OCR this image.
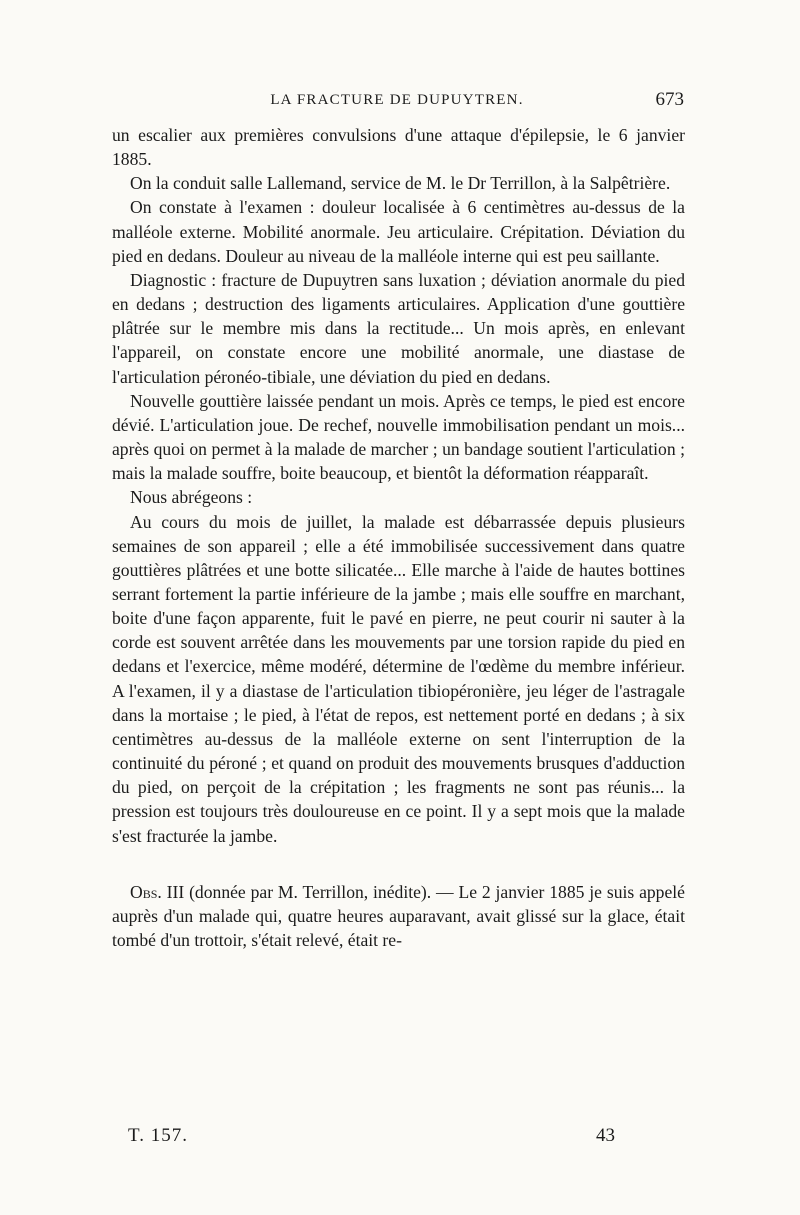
LA FRACTURE DE DUPUYTREN.	673

un escalier aux premières convulsions d'une attaque d'épilepsie, le 6 janvier 1885.

On la conduit salle Lallemand, service de M. le Dr Terrillon, à la Salpêtrière.

On constate à l'examen : douleur localisée à 6 centimètres au-dessus de la malléole externe. Mobilité anormale. Jeu articulaire. Crépitation. Déviation du pied en dedans. Douleur au niveau de la malléole interne qui est peu saillante.

Diagnostic : fracture de Dupuytren sans luxation ; déviation anormale du pied en dedans ; destruction des ligaments articulaires. Application d'une gouttière plâtrée sur le membre mis dans la rectitude... Un mois après, en enlevant l'appareil, on constate encore une mobilité anormale, une diastase de l'articulation péronéo-tibiale, une déviation du pied en dedans.

Nouvelle gouttière laissée pendant un mois. Après ce temps, le pied est encore dévié. L'articulation joue. De rechef, nouvelle immobilisation pendant un mois... après quoi on permet à la malade de marcher ; un bandage soutient l'articulation ; mais la malade souffre, boite beaucoup, et bientôt la déformation réapparaît.

Nous abrégeons :

Au cours du mois de juillet, la malade est débarrassée depuis plusieurs semaines de son appareil ; elle a été immobilisée successivement dans quatre gouttières plâtrées et une botte silicatée... Elle marche à l'aide de hautes bottines serrant fortement la partie inférieure de la jambe ; mais elle souffre en marchant, boite d'une façon apparente, fuit le pavé en pierre, ne peut courir ni sauter à la corde est souvent arrêtée dans les mouvements par une torsion rapide du pied en dedans et l'exercice, même modéré, détermine de l'œdème du membre inférieur. A l'examen, il y a diastase de l'articulation tibiopéronière, jeu léger de l'astragale dans la mortaise ; le pied, à l'état de repos, est nettement porté en dedans ; à six centimètres au-dessus de la malléole externe on sent l'interruption de la continuité du péroné ; et quand on produit des mouvements brusques d'adduction du pied, on perçoit de la crépitation ; les fragments ne sont pas réunis... la pression est toujours très douloureuse en ce point. Il y a sept mois que la malade s'est fracturée la jambe.

Obs. III (donnée par M. Terrillon, inédite). — Le 2 janvier 1885 je suis appelé auprès d'un malade qui, quatre heures auparavant, avait glissé sur la glace, était tombé d'un trottoir, s'était relevé, était re-

T. 157.	43
